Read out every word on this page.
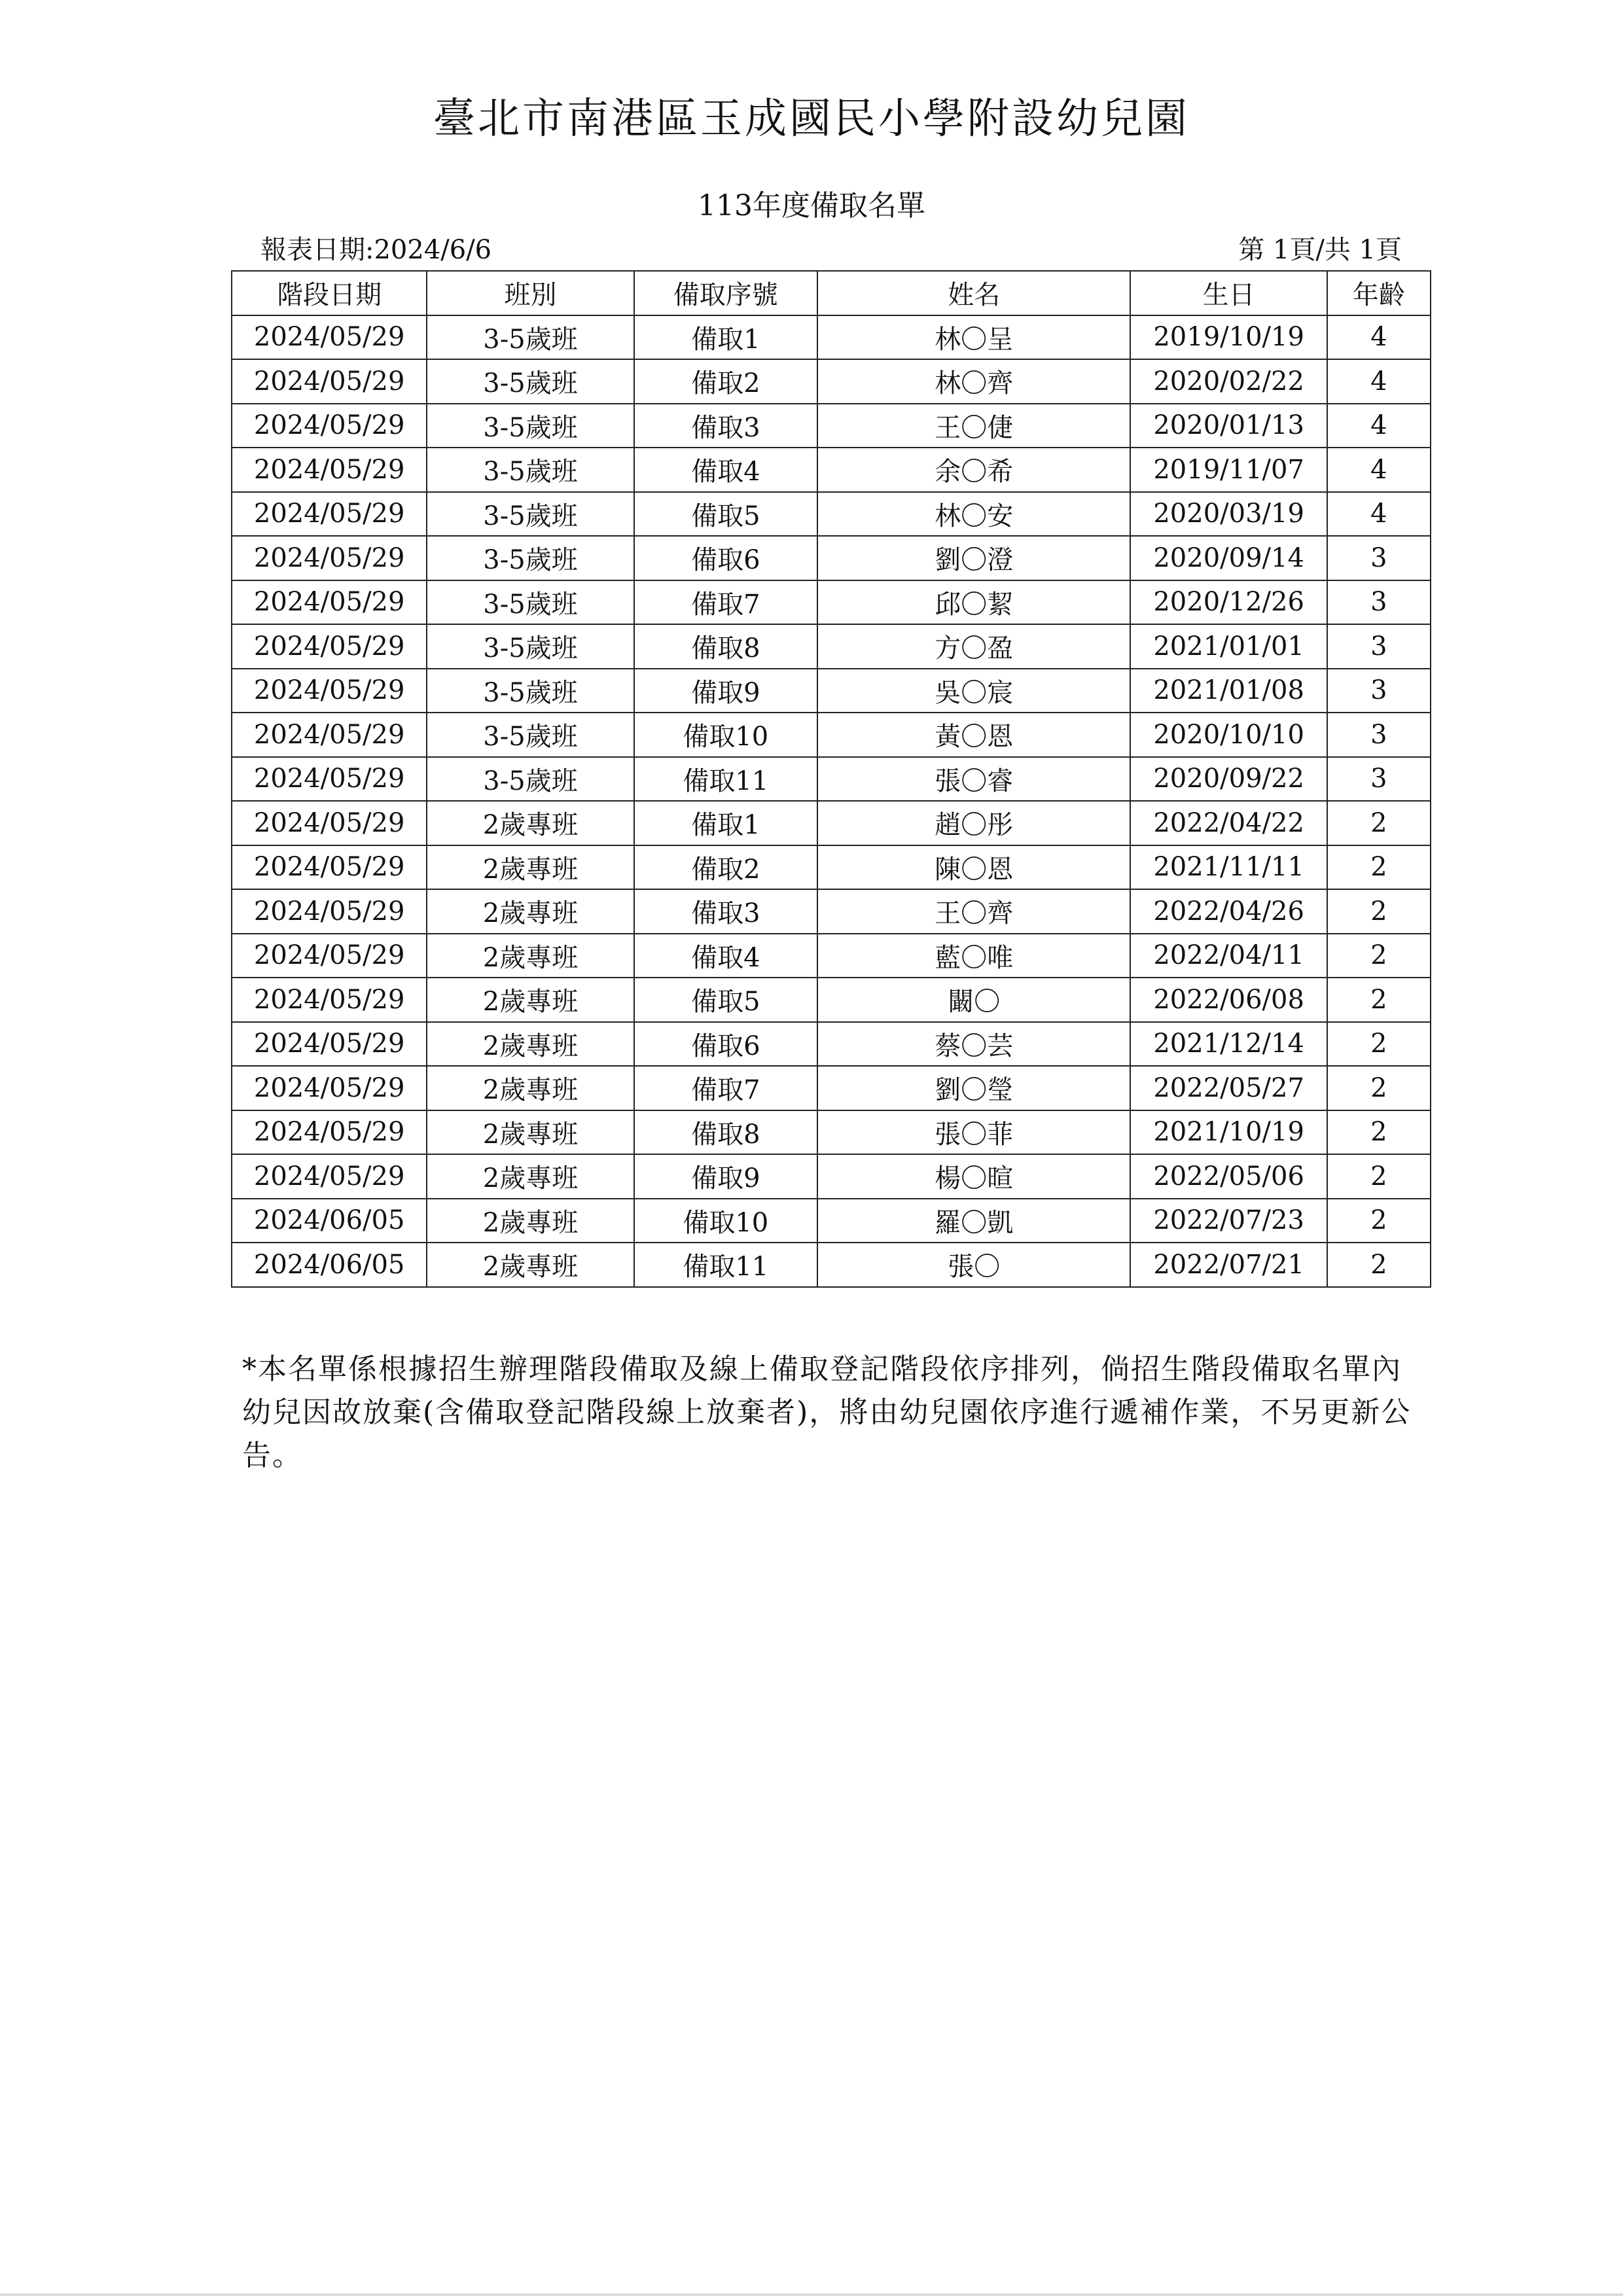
臺北市南港區玉成國民小學附設幼兒園
113年度備取名單
報表日期:2024/6/6	第 1頁/共 1頁
階段日期	班別	備取序號	姓名	生日	年齡
2024/05/29	3-5歲班	備取1	林〇呈	2019/10/19	4
2024/05/29	3-5歲班	備取2	林〇齊	2020/02/22	4
2024/05/29	3-5歲班	備取3	王〇倢	2020/01/13	4
2024/05/29	3-5歲班	備取4	余〇希	2019/11/07	4
2024/05/29	3-5歲班	備取5	林〇安	2020/03/19	4
2024/05/29	3-5歲班	備取6	劉〇澄	2020/09/14	3
2024/05/29	3-5歲班	備取7	邱〇絜	2020/12/26	3
2024/05/29	3-5歲班	備取8	方〇盈	2021/01/01	3
2024/05/29	3-5歲班	備取9	吳〇宸	2021/01/08	3
2024/05/29	3-5歲班	備取10	黃〇恩	2020/10/10	3
2024/05/29	3-5歲班	備取11	張〇睿	2020/09/22	3
2024/05/29	2歲專班	備取1	趙〇彤	2022/04/22	2
2024/05/29	2歲專班	備取2	陳〇恩	2021/11/11	2
2024/05/29	2歲專班	備取3	王〇齊	2022/04/26	2
2024/05/29	2歲專班	備取4	藍〇唯	2022/04/11	2
2024/05/29	2歲專班	備取5	闞〇	2022/06/08	2
2024/05/29	2歲專班	備取6	蔡〇芸	2021/12/14	2
2024/05/29	2歲專班	備取7	劉〇瑩	2022/05/27	2
2024/05/29	2歲專班	備取8	張〇菲	2021/10/19	2
2024/05/29	2歲專班	備取9	楊〇暄	2022/05/06	2
2024/06/05	2歲專班	備取10	羅〇凱	2022/07/23	2
2024/06/05	2歲專班	備取11	張〇	2022/07/21	2
*本名單係根據招生辦理階段備取及線上備取登記階段依序排列，倘招生階段備取名單內幼兒因故放棄(含備取登記階段線上放棄者)，將由幼兒園依序進行遞補作業，不另更新公告。
